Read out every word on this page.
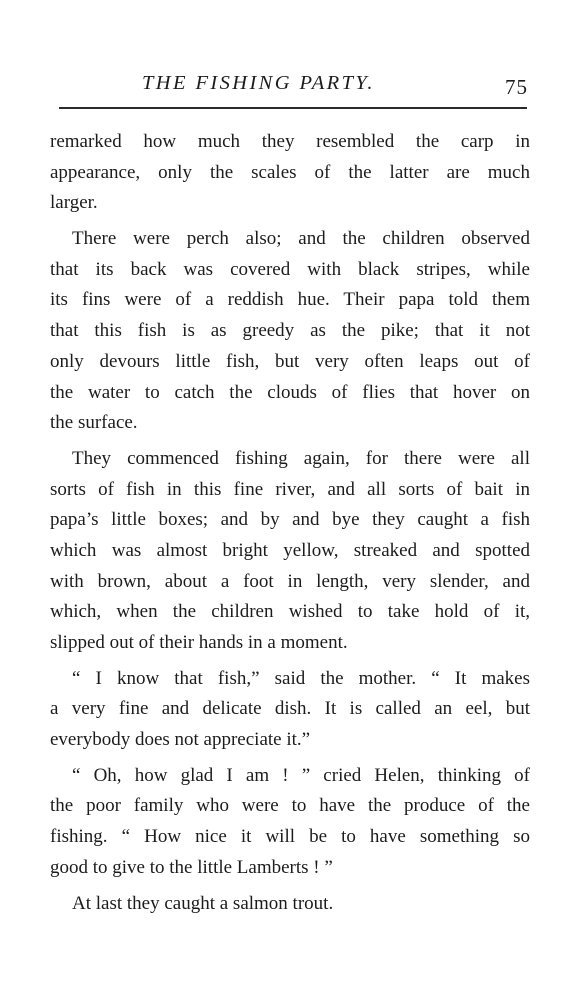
THE FISHING PARTY.	75
remarked how much they resembled the carp in
appearance, only the scales of the latter are much
larger.
There were perch also; and the children observed
that its back was covered with black stripes, while
its fins were of a reddish hue. Their papa told them
that this fish is as greedy as the pike; that it not
only devours little fish, but very often leaps out of
the water to catch the clouds of flies that hover on
the surface.
They commenced fishing again, for there were all
sorts of fish in this fine river, and all sorts of bait in
papa’s little boxes; and by and bye they caught a fish
which was almost bright yellow, streaked and spotted
with brown, about a foot in length, very slender, and
which, when the children wished to take hold of it,
slipped out of their hands in a moment.
“ I know that fish,” said the mother. “ It makes
a very fine and delicate dish. It is called an eel, but
everybody does not appreciate it.”
“ Oh, how glad I am ! ” cried Helen, thinking of
the poor family who were to have the produce of the
fishing. “ How nice it will be to have something so
good to give to the little Lamberts ! ”
At last they caught a salmon trout.
